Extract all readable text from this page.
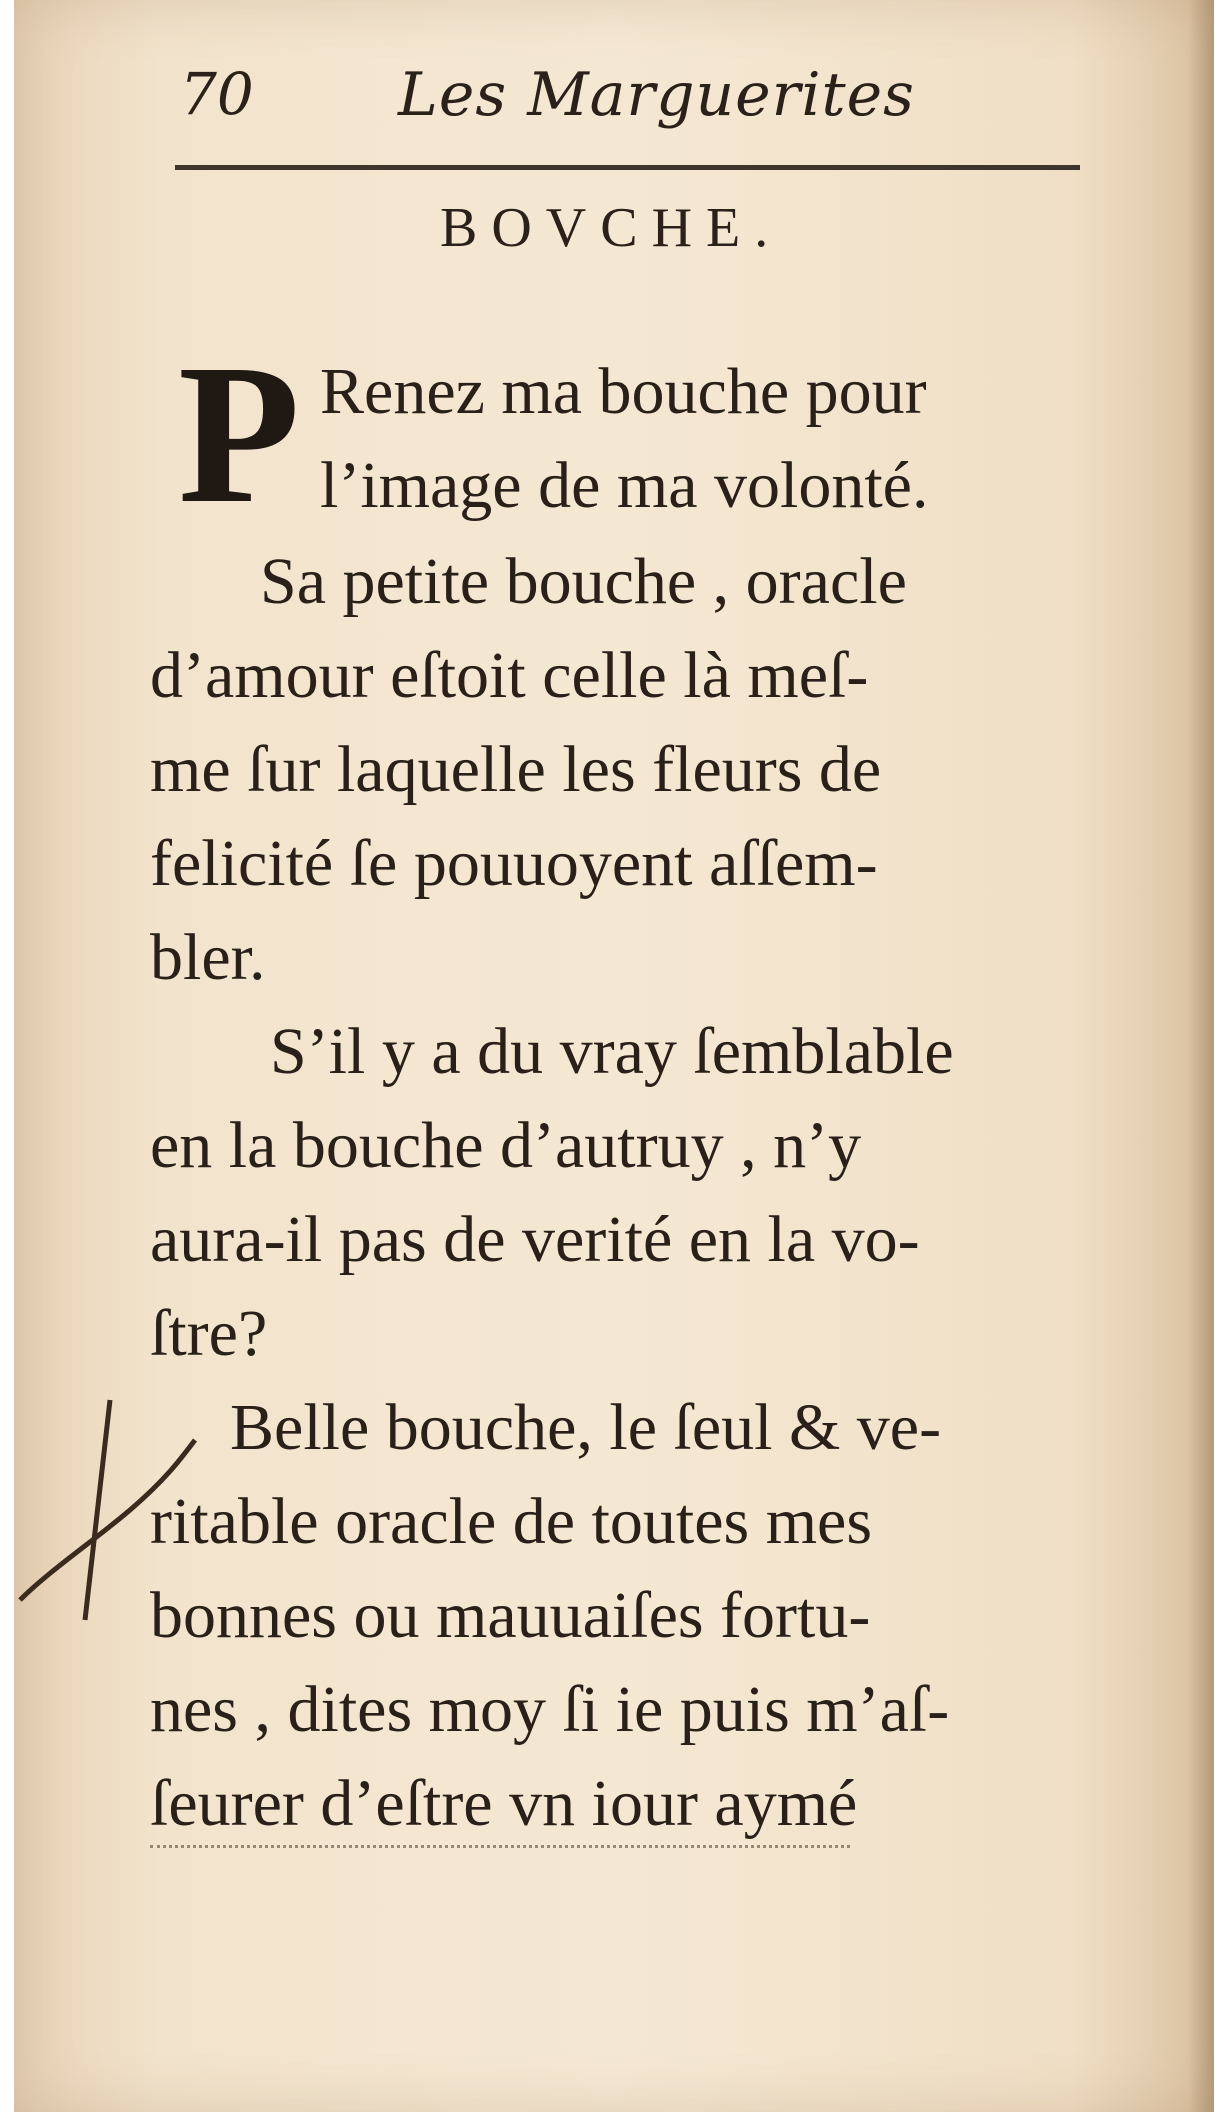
70 Les Marguerites
BOVCHE.
P Renez ma bouche pour
l’image de ma volonté.
Sa petite bouche , oracle
d’amour eſtoit celle là meſ-
me ſur laquelle les fleurs de
felicité ſe pouuoyent aſſem-
bler.
S’il y a du vray ſemblable
en la bouche d’autruy , n’y
aura-il pas de verité en la vo-
ſtre?
Belle bouche, le ſeul & ve-
ritable oracle de toutes mes
bonnes ou mauuaiſes fortu-
nes , dites moy ſi ie puis m’aſ-
ſeurer d’eſtre vn iour aymé
